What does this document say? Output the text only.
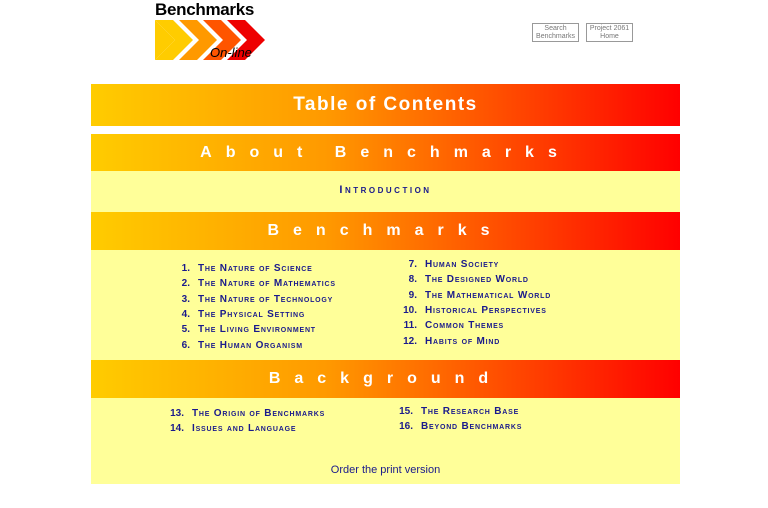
Benchmarks
On-line
Search
Benchmarks
Project 2061
Home
Table of Contents
About Benchmarks
Introduction
Benchmarks
1. The Nature of Science
2. The Nature of Mathematics
3. The Nature of Technology
4. The Physical Setting
5. The Living Environment
6. The Human Organism
7. Human Society
8. The Designed World
9. The Mathematical World
10. Historical Perspectives
11. Common Themes
12. Habits of Mind
Background
13. The Origin of Benchmarks
14. Issues and Language
15. The Research Base
16. Beyond Benchmarks
Order the print version
